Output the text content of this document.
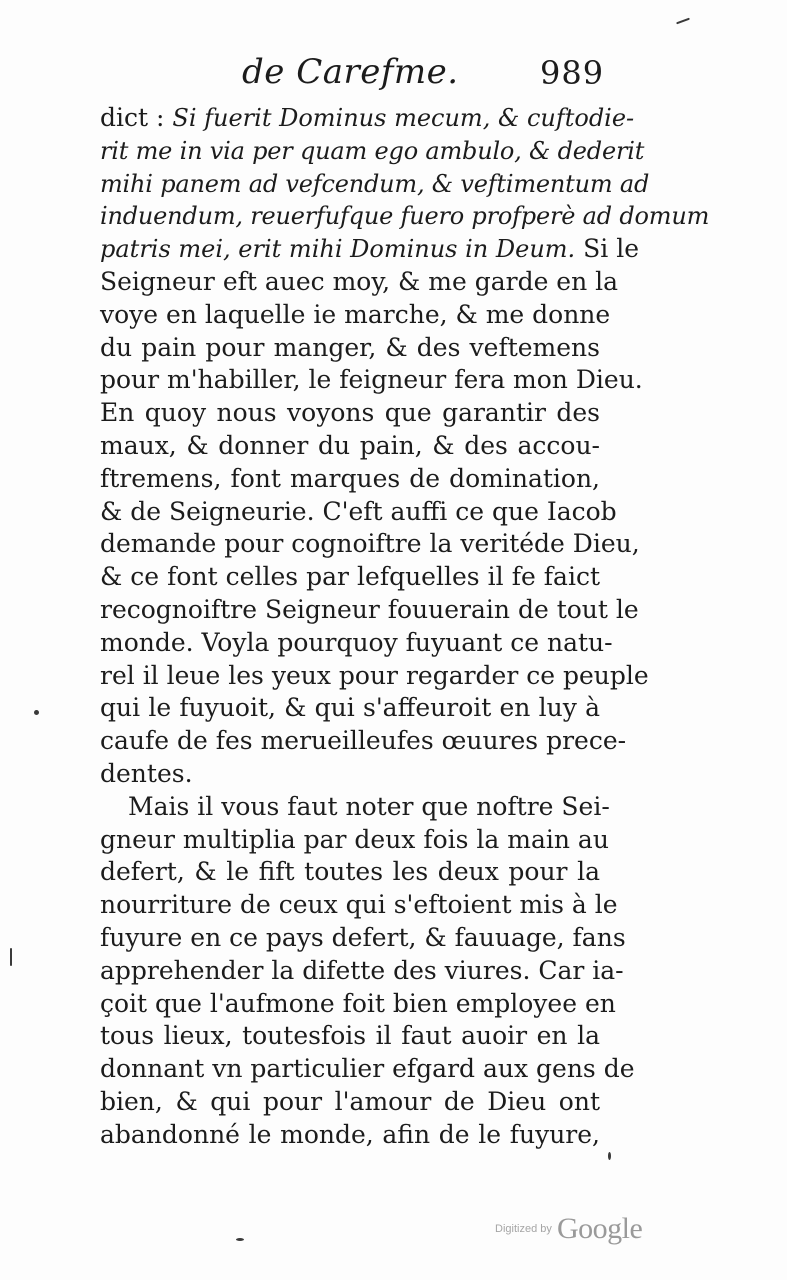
de Carefme.	989
dict : Si fuerit Dominus mecum, & cuftodie-
rit me in via per quam ego ambulo, & dederit
mihi panem ad vefcendum, & veftimentum ad
induendum, reuerfufque fuero profperè ad domum
patris mei, erit mihi Dominus in Deum. Si le
Seigneur eft auec moy, & me garde en la
voye en laquelle ie marche, & me donne
du pain pour manger, & des veftemens
pour m'habiller, le feigneur fera mon Dieu.
En quoy nous voyons que garantir des
maux, & donner du pain, & des accou-
ftremens, font marques de domination,
& de Seigneurie. C'eft auffi ce que Iacob
demande pour cognoiftre la veritéde Dieu,
& ce font celles par lefquelles il fe faict
recognoiftre Seigneur fouuerain de tout le
monde. Voyla pourquoy fuyuant ce natu-
rel il leue les yeux pour regarder ce peuple
qui le fuyuoit, & qui s'affeuroit en luy à
caufe de fes merueilleufes œuures prece-
dentes.
Mais il vous faut noter que noftre Sei-
gneur multiplia par deux fois la main au
defert, & le fift toutes les deux pour la
nourriture de ceux qui s'eftoient mis à le
fuyure en ce pays defert, & fauuage, fans
apprehender la difette des viures. Car ia-
çoit que l'aufmone foit bien employee en
tous lieux, toutesfois il faut auoir en la
donnant vn particulier efgard aux gens de
bien, & qui pour l'amour de Dieu ont
abandonné le monde, afin de le fuyure,
Digitized by Google
